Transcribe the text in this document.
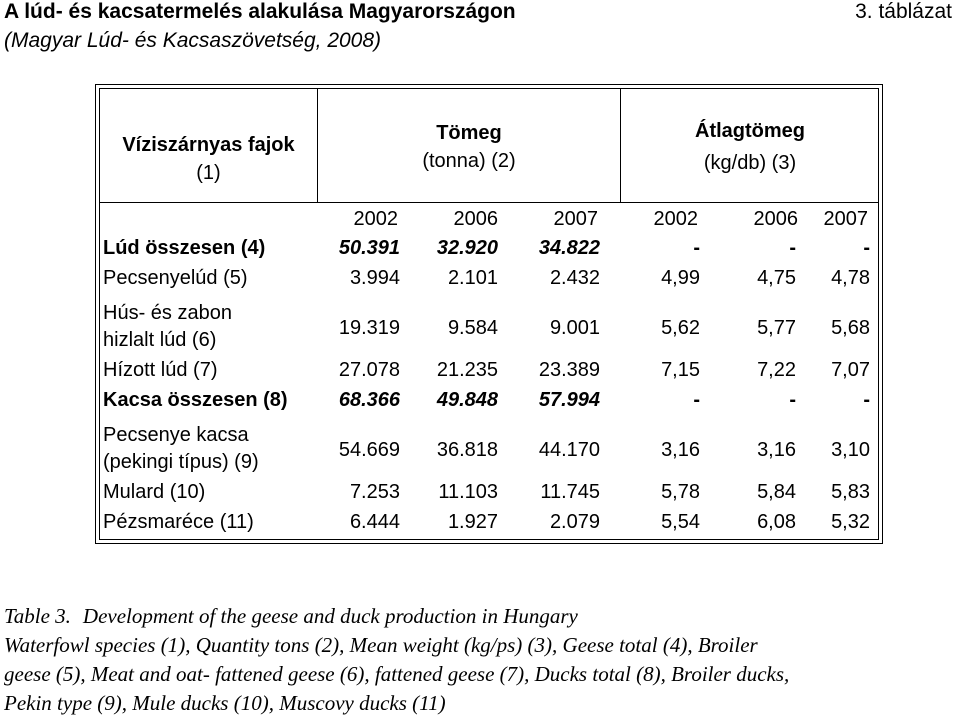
A lúd- és kacsatermelés alakulása Magyarországon	3. táblázat
(Magyar Lúd- és Kacsaszövetség, 2008)
Víziszárnyas fajok
(1)
Tömeg
(tonna) (2)
Átlagtömeg
(kg/db) (3)
2002	2006	2007	2002	2006	2007
Lúd összesen (4)	50.391	32.920	34.822	-	-	-
Pecsenyelúd (5)	3.994	2.101	2.432	4,99	4,75	4,78
Hús- és zabon
hizlalt lúd (6)
19.319	9.584	9.001	5,62	5,77	5,68
Hízott lúd (7)	27.078	21.235	23.389	7,15	7,22	7,07
Kacsa összesen (8)	68.366	49.848	57.994	-	-	-
Pecsenye kacsa
(pekingi típus) (9)
54.669	36.818	44.170	3,16	3,16	3,10
Mulard (10)	7.253	11.103	11.745	5,78	5,84	5,83
Pézsmaréce (11)	6.444	1.927	2.079	5,54	6,08	5,32
Table 3. Development of the geese and duck production in Hungary
Waterfowl species (1), Quantity tons (2), Mean weight (kg/ps) (3), Geese total (4), Broiler
geese (5), Meat and oat- fattened geese (6), fattened geese (7), Ducks total (8), Broiler ducks,
Pekin type (9), Mule ducks (10), Muscovy ducks (11)
